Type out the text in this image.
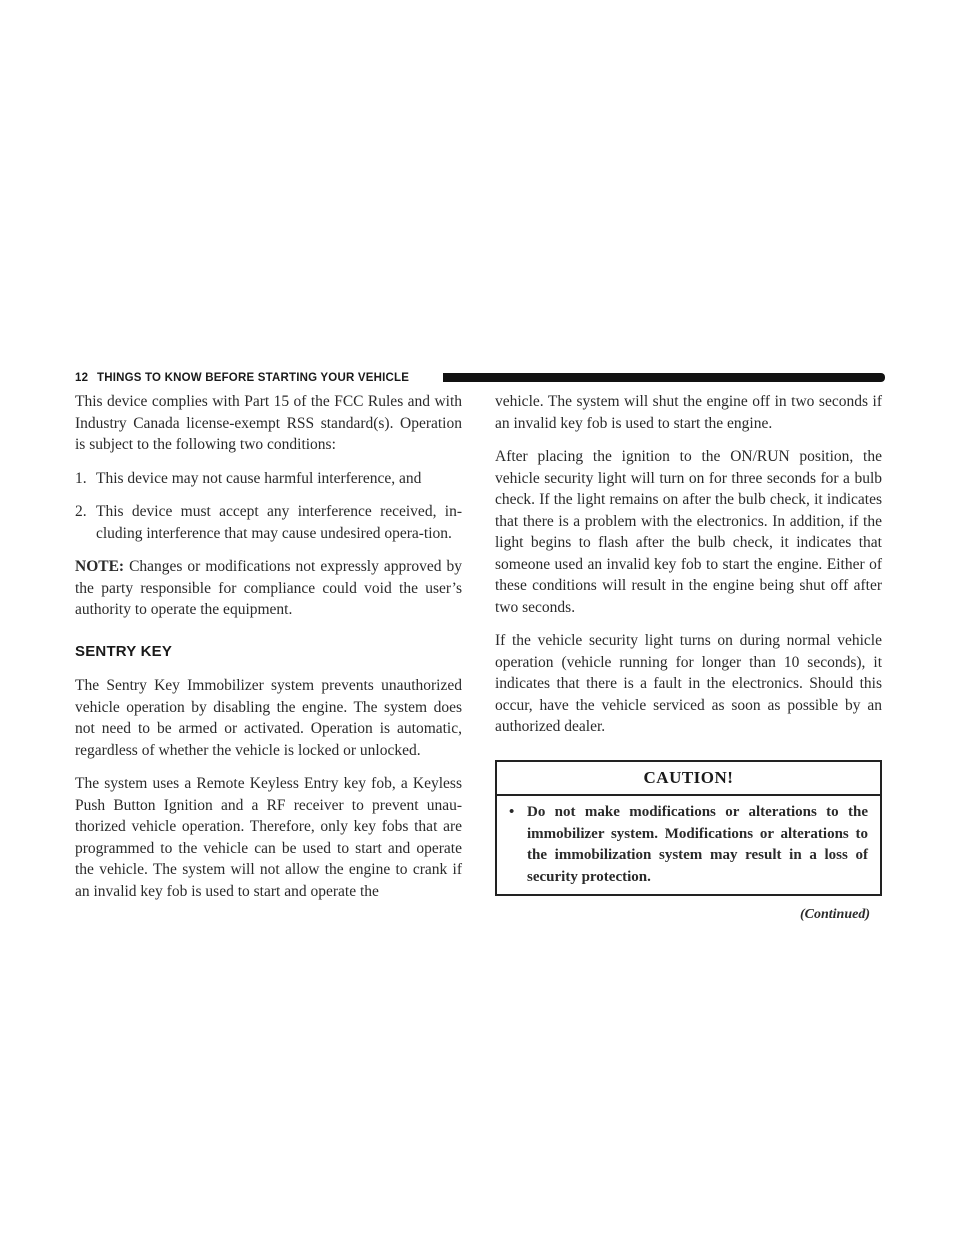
12 THINGS TO KNOW BEFORE STARTING YOUR VEHICLE

This device complies with Part 15 of the FCC Rules and with Industry Canada license-exempt RSS standard(s). Operation is subject to the following two conditions:

1. This device may not cause harmful interference, and
2. This device must accept any interference received, in-cluding interference that may cause undesired opera-tion.

NOTE: Changes or modifications not expressly approved by the party responsible for compliance could void the user’s authority to operate the equipment.

SENTRY KEY

The Sentry Key Immobilizer system prevents unauthorized vehicle operation by disabling the engine. The system does not need to be armed or activated. Operation is automatic, regardless of whether the vehicle is locked or unlocked.

The system uses a Remote Keyless Entry key fob, a Keyless Push Button Ignition and a RF receiver to prevent unau-thorized vehicle operation. Therefore, only key fobs that are programmed to the vehicle can be used to start and operate the vehicle. The system will not allow the engine to crank if an invalid key fob is used to start and operate the

vehicle. The system will shut the engine off in two seconds if an invalid key fob is used to start the engine.

After placing the ignition to the ON/RUN position, the vehicle security light will turn on for three seconds for a bulb check. If the light remains on after the bulb check, it indicates that there is a problem with the electronics. In addition, if the light begins to flash after the bulb check, it indicates that someone used an invalid key fob to start the engine. Either of these conditions will result in the engine being shut off after two seconds.

If the vehicle security light turns on during normal vehicle operation (vehicle running for longer than 10 seconds), it indicates that there is a fault in the electronics. Should this occur, have the vehicle serviced as soon as possible by an authorized dealer.

CAUTION!
• Do not make modifications or alterations to the immobilizer system. Modifications or alterations to the immobilization system may result in a loss of security protection.
(Continued)
